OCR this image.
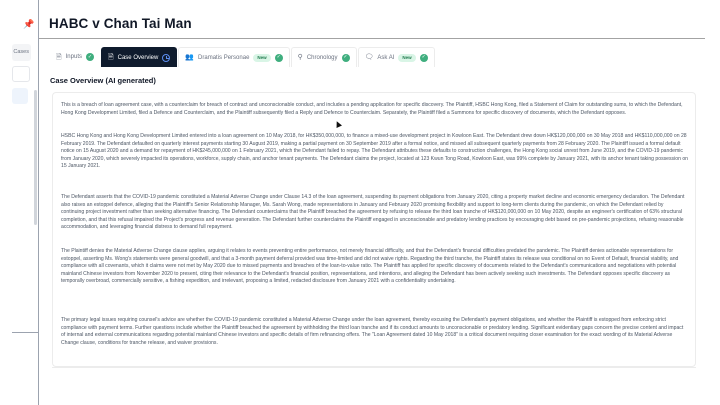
📌
Cases
HABC v Chan Tai Man
🗎 Inputs	✓ 🗎 Case Overview	👥 Dramatis Personae	New	✓ ⚲ Chronology	✓ 🗨 Ask AI	New	✓
Case Overview (AI generated)

This is a breach of loan agreement case, with a counterclaim for breach of contract and unconscionable conduct, and includes a pending application for specific discovery. The Plaintiff, HSBC Hong Kong, filed a Statement of Claim for outstanding sums, to which the Defendant, Hong Kong Development Limited, filed a Defence and Counterclaim, and the Plaintiff subsequently filed a Reply and Defence to Counterclaim. Separately, the Plaintiff filed a Summons for specific discovery of documents, which the Defendant opposes.

HSBC Hong Kong and Hong Kong Development Limited entered into a loan agreement on 10 May 2018, for HK$350,000,000, to finance a mixed-use development project in Kowloon East. The Defendant drew down HK$120,000,000 on 30 May 2018 and HK$110,000,000 on 28 February 2019. The Defendant defaulted on quarterly interest payments starting 30 August 2019, making a partial payment on 30 September 2019 after a formal notice, and missed all subsequent quarterly payments from 28 February 2020. The Plaintiff issued a formal default notice on 15 August 2020 and a demand for repayment of HK$245,000,000 on 1 February 2021, which the Defendant failed to repay. The Defendant attributes these defaults to construction challenges, the Hong Kong social unrest from June 2019, and the COVID-19 pandemic from January 2020, which severely impacted its operations, workforce, supply chain, and anchor tenant payments. The Defendant claims the project, located at 123 Kwun Tong Road, Kowloon East, was 99% complete by January 2021, with its anchor tenant taking possession on 15 January 2021.

The Defendant asserts that the COVID-19 pandemic constituted a Material Adverse Change under Clause 14.3 of the loan agreement, suspending its payment obligations from January 2020, citing a property market decline and economic emergency declaration. The Defendant also raises an estoppel defence, alleging that the Plaintiff's Senior Relationship Manager, Ms. Sarah Wong, made representations in January and February 2020 promising flexibility and support to long-term clients during the pandemic, on which the Defendant relied by continuing project investment rather than seeking alternative financing. The Defendant counterclaims that the Plaintiff breached the agreement by refusing to release the third loan tranche of HK$120,000,000 on 10 May 2020, despite an engineer's certification of 63% structural completion, and that this refusal impaired the Project's progress and revenue generation. The Defendant further counterclaims the Plaintiff engaged in unconscionable and predatory lending practices by encouraging debt based on pre-pandemic projections, refusing reasonable accommodation, and leveraging financial distress to demand full repayment.

The Plaintiff denies the Material Adverse Change clause applies, arguing it relates to events preventing entire performance, not merely financial difficulty, and that the Defendant's financial difficulties predated the pandemic. The Plaintiff denies actionable representations for estoppel, asserting Ms. Wong's statements were general goodwill, and that a 3-month payment deferral provided was time-limited and did not waive rights. Regarding the third tranche, the Plaintiff states its release was conditional on no Event of Default, financial viability, and compliance with all covenants, which it claims were not met by May 2020 due to missed payments and breaches of the loan-to-value ratio. The Plaintiff has applied for specific discovery of documents related to the Defendant's communications and negotiations with potential mainland Chinese investors from November 2020 to present, citing their relevance to the Defendant's financial position, representations, and intentions, and alleging the Defendant has been actively seeking such investments. The Defendant opposes specific discovery as temporally overbroad, commercially sensitive, a fishing expedition, and irrelevant, proposing a limited, redacted disclosure from January 2021 with a confidentiality undertaking.

The primary legal issues requiring counsel's advice are whether the COVID-19 pandemic constituted a Material Adverse Change under the loan agreement, thereby excusing the Defendant's payment obligations, and whether the Plaintiff is estopped from enforcing strict compliance with payment terms. Further questions include whether the Plaintiff breached the agreement by withholding the third loan tranche and if its conduct amounts to unconscionable or predatory lending. Significant evidentiary gaps concern the precise content and impact of internal and external communications regarding potential mainland Chinese investors and specific details of firm refinancing offers. The "Loan Agreement dated 10 May 2018" is a critical document requiring closer examination for the exact wording of its Material Adverse Change clause, conditions for tranche release, and waiver provisions.
